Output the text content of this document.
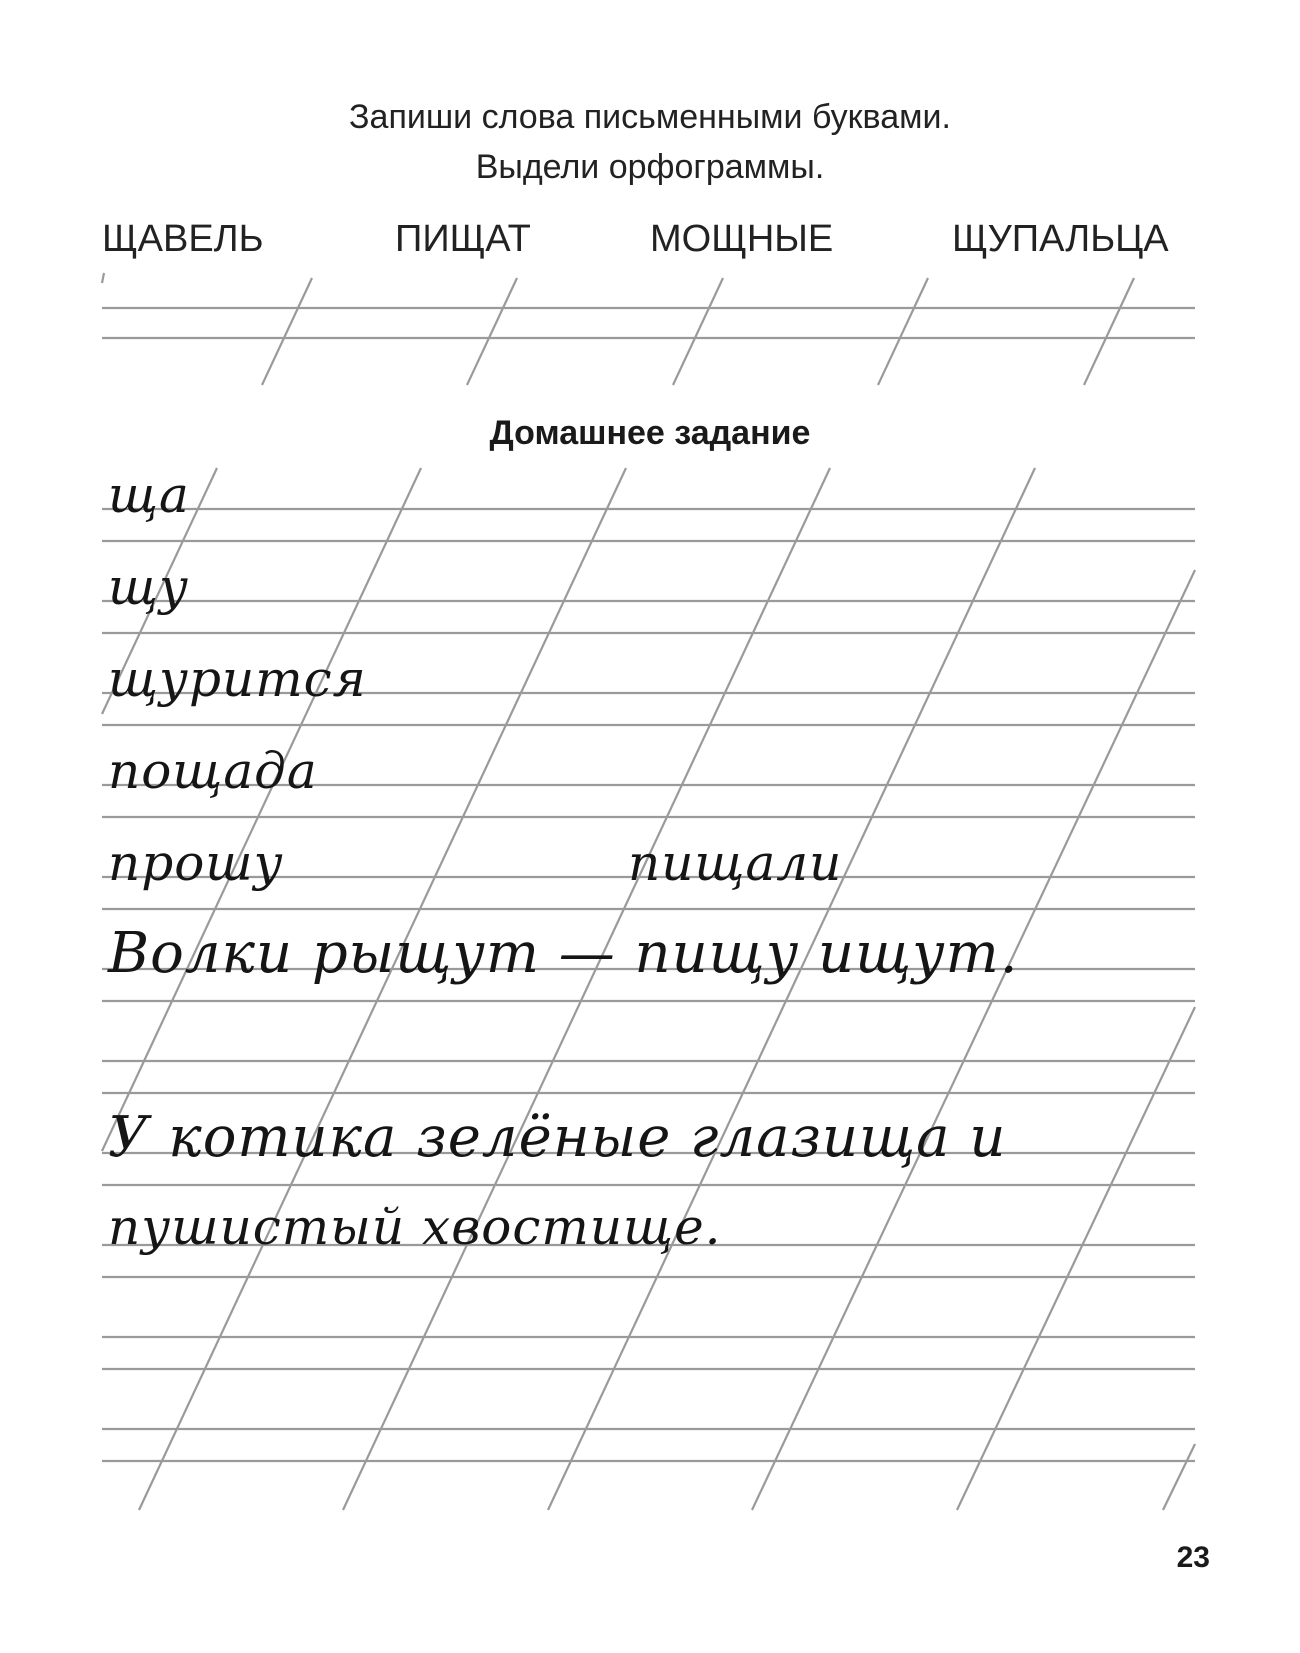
Запиши слова письменными буквами.

Выдели орфограммы.

ЩАВЕЛЬ	ПИЩАТ	МОЩНЫЕ	ЩУПАЛЬЦА

Домашнее задание

ща

щу

щурится

пощада

прошу	пищали

Волки рыщут — пищу ищут.

У котика зелёные глазища и

пушистый хвостище.

23
